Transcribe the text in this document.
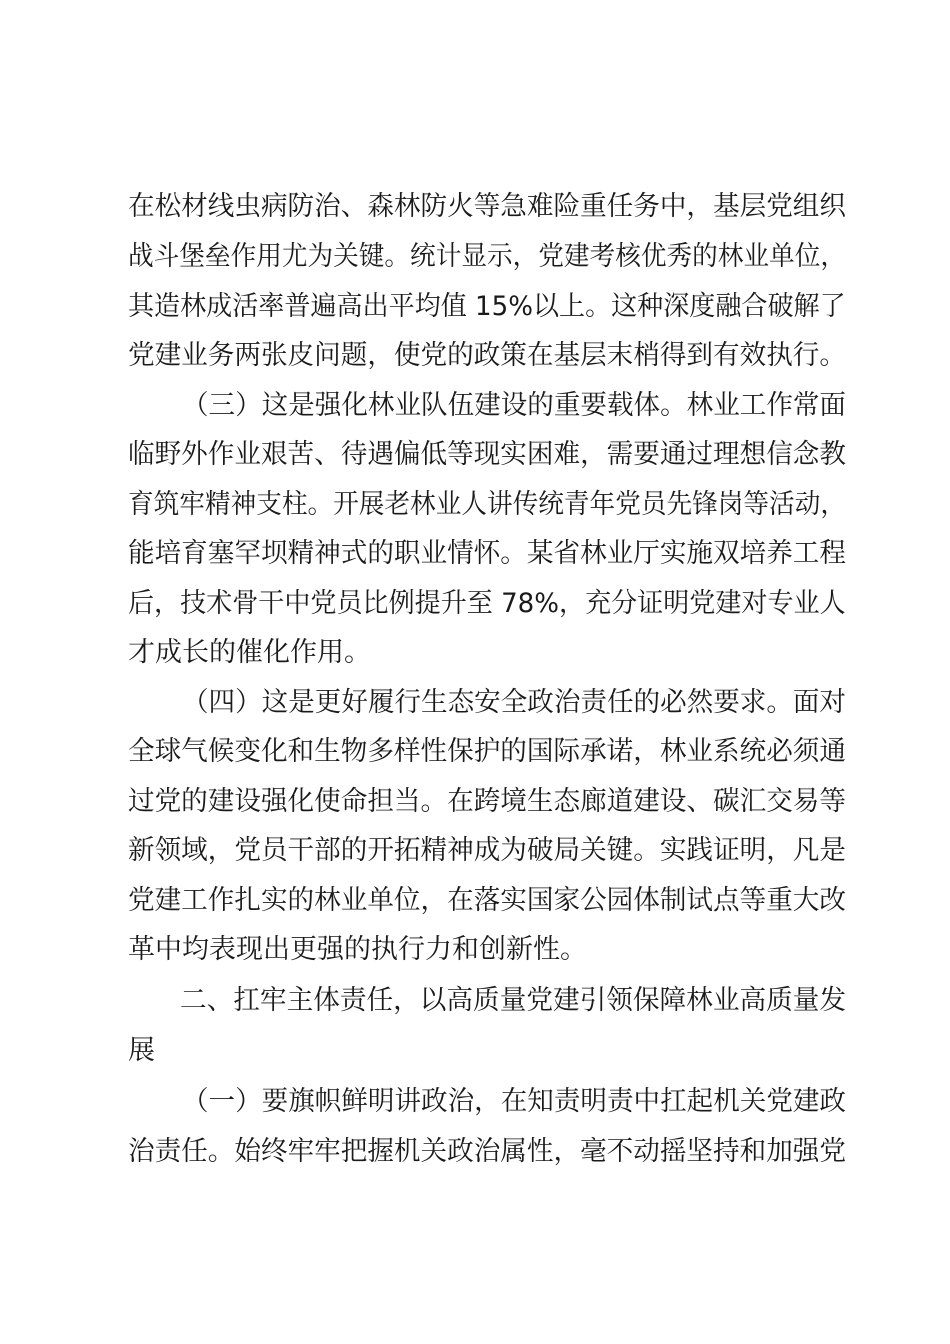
在松材线虫病防治、森林防火等急难险重任务中，基层党组织

战斗堡垒作用尤为关键。统计显示，党建考核优秀的林业单位，

其造林成活率普遍高出平均值 15%以上。这种深度融合破解了

党建业务两张皮问题，使党的政策在基层末梢得到有效执行。

（三）这是强化林业队伍建设的重要载体。林业工作常面

临野外作业艰苦、待遇偏低等现实困难，需要通过理想信念教

育筑牢精神支柱。开展老林业人讲传统青年党员先锋岗等活动，

能培育塞罕坝精神式的职业情怀。某省林业厅实施双培养工程

后，技术骨干中党员比例提升至 78%，充分证明党建对专业人

才成长的催化作用。

（四）这是更好履行生态安全政治责任的必然要求。面对

全球气候变化和生物多样性保护的国际承诺，林业系统必须通

过党的建设强化使命担当。在跨境生态廊道建设、碳汇交易等

新领域，党员干部的开拓精神成为破局关键。实践证明，凡是

党建工作扎实的林业单位，在落实国家公园体制试点等重大改

革中均表现出更强的执行力和创新性。

二、扛牢主体责任，以高质量党建引领保障林业高质量发

展

（一）要旗帜鲜明讲政治，在知责明责中扛起机关党建政

治责任。始终牢牢把握机关政治属性，毫不动摇坚持和加强党
